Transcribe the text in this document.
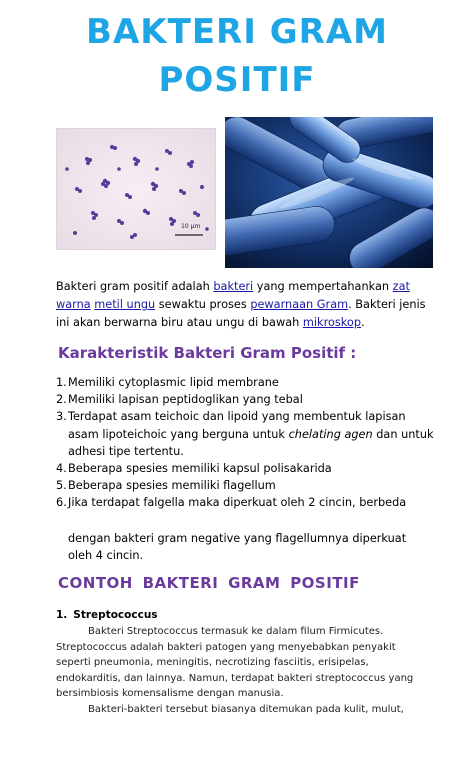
BAKTERI GRAM
POSITIF
10 µm
Bakteri gram positif adalah bakteri yang mempertahankan zat warna metil ungu sewaktu proses pewarnaan Gram. Bakteri jenis ini akan berwarna biru atau ungu di bawah mikroskop.
Karakteristik Bakteri Gram Positif :
1. Memiliki cytoplasmic lipid membrane
2. Memiliki lapisan peptidoglikan yang tebal
3. Terdapat asam teichoic dan lipoid yang membentuk lapisan asam lipoteichoic yang berguna untuk chelating agen dan untuk adhesi tipe tertentu.
4. Beberapa spesies memiliki kapsul polisakarida
5. Beberapa spesies memiliki flagellum
6. Jika terdapat falgella maka diperkuat oleh 2 cincin, berbeda
dengan bakteri gram negative yang flagellumnya diperkuat oleh 4 cincin.
CONTOH BAKTERI GRAM POSITIF
1. Streptococcus
Bakteri Streptococcus termasuk ke dalam filum Firmicutes. Streptococcus adalah bakteri patogen yang menyebabkan penyakit seperti pneumonia, meningitis, necrotizing fasciitis, erisipelas, endokarditis, dan lainnya. Namun, terdapat bakteri streptococcus yang bersimbiosis komensalisme dengan manusia.
Bakteri-bakteri tersebut biasanya ditemukan pada kulit, mulut,
